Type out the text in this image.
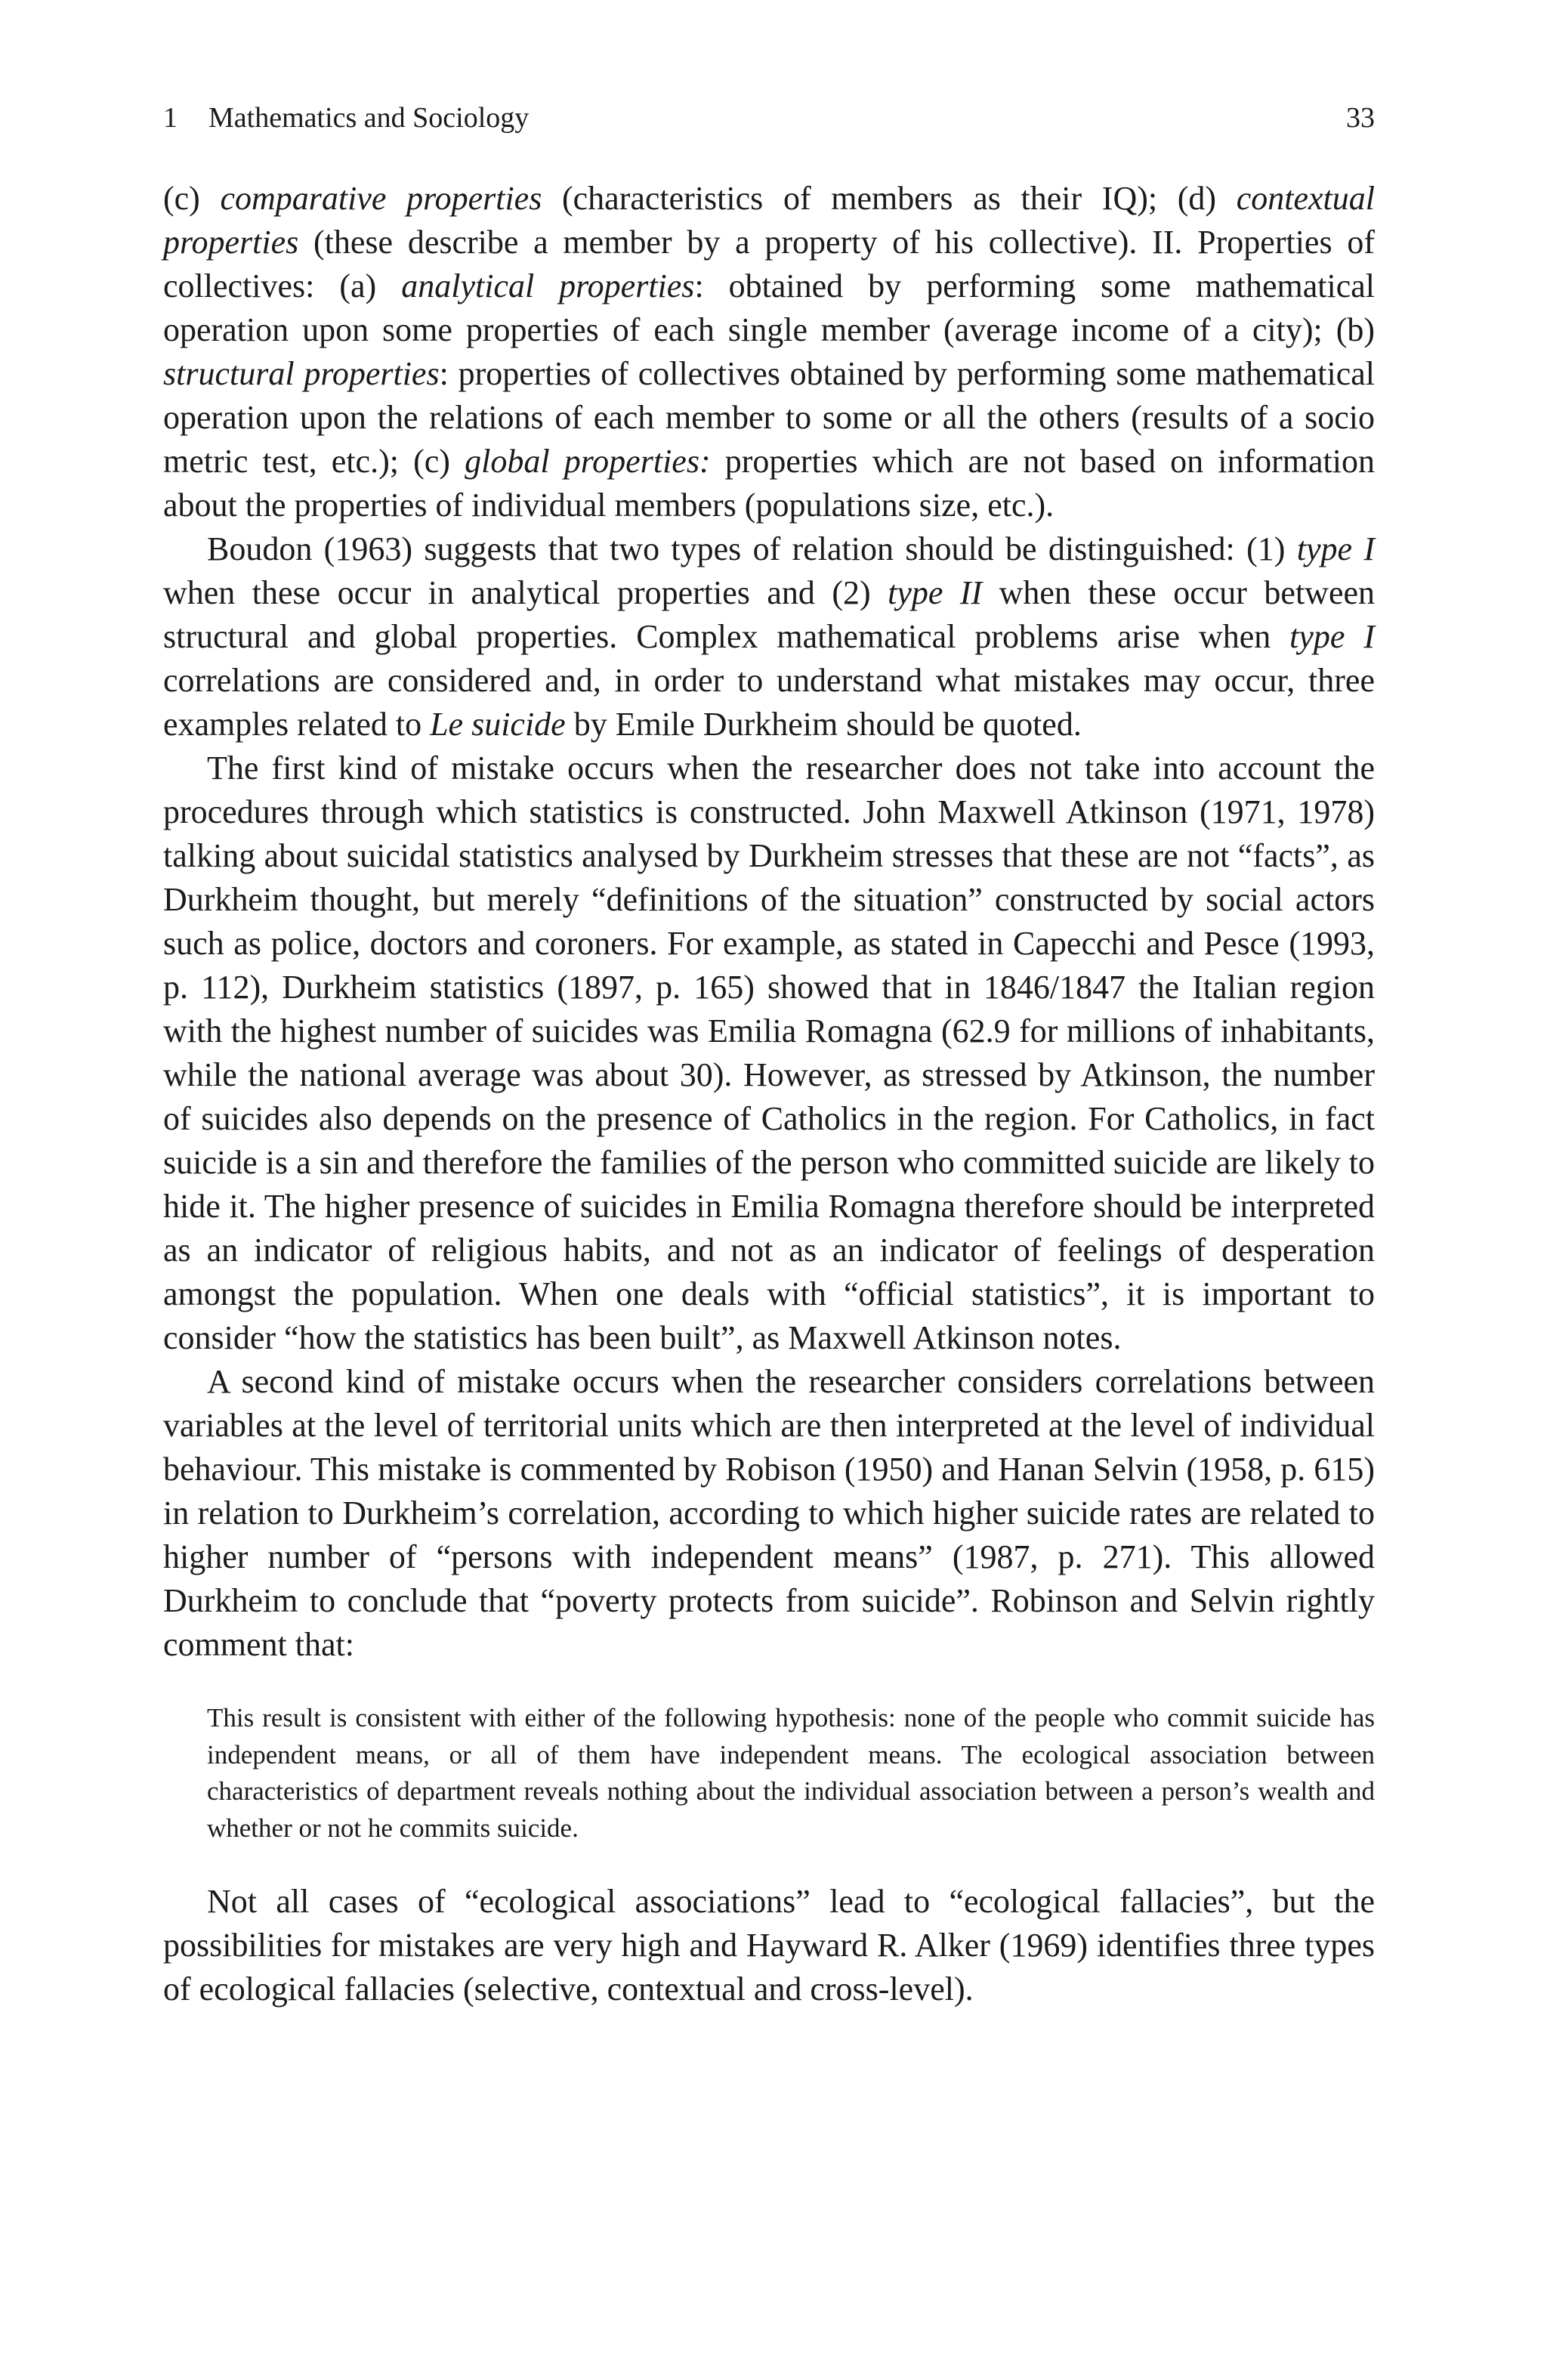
1 Mathematics and Sociology	33

(c) comparative properties (characteristics of members as their IQ); (d) contextual properties (these describe a member by a property of his collective). II. Properties of collectives: (a) analytical properties: obtained by performing some mathematical operation upon some properties of each single member (average income of a city); (b) structural properties: properties of collectives obtained by performing some mathematical operation upon the relations of each member to some or all the others (results of a socio metric test, etc.); (c) global properties: properties which are not based on information about the properties of individual members (populations size, etc.).

Boudon (1963) suggests that two types of relation should be distinguished: (1) type I when these occur in analytical properties and (2) type II when these occur between structural and global properties. Complex mathematical problems arise when type I correlations are considered and, in order to understand what mistakes may occur, three examples related to Le suicide by Emile Durkheim should be quoted.

The first kind of mistake occurs when the researcher does not take into account the procedures through which statistics is constructed. John Maxwell Atkinson (1971, 1978) talking about suicidal statistics analysed by Durkheim stresses that these are not “facts”, as Durkheim thought, but merely “definitions of the situation” constructed by social actors such as police, doctors and coroners. For example, as stated in Capecchi and Pesce (1993, p. 112), Durkheim statistics (1897, p. 165) showed that in 1846/1847 the Italian region with the highest number of suicides was Emilia Romagna (62.9 for millions of inhabitants, while the national average was about 30). However, as stressed by Atkinson, the number of suicides also depends on the presence of Catholics in the region. For Catholics, in fact suicide is a sin and therefore the families of the person who committed suicide are likely to hide it. The higher presence of suicides in Emilia Romagna therefore should be interpreted as an indicator of religious habits, and not as an indicator of feelings of desperation amongst the population. When one deals with “official statistics”, it is important to consider “how the statistics has been built”, as Maxwell Atkinson notes.

A second kind of mistake occurs when the researcher considers correlations between variables at the level of territorial units which are then interpreted at the level of individual behaviour. This mistake is commented by Robison (1950) and Hanan Selvin (1958, p. 615) in relation to Durkheim’s correlation, according to which higher suicide rates are related to higher number of “persons with independent means” (1987, p. 271). This allowed Durkheim to conclude that “poverty protects from suicide”. Robinson and Selvin rightly comment that:

This result is consistent with either of the following hypothesis: none of the people who commit suicide has independent means, or all of them have independent means. The ecological association between characteristics of department reveals nothing about the individual association between a person’s wealth and whether or not he commits suicide.

Not all cases of “ecological associations” lead to “ecological fallacies”, but the possibilities for mistakes are very high and Hayward R. Alker (1969) identifies three types of ecological fallacies (selective, contextual and cross-level).
